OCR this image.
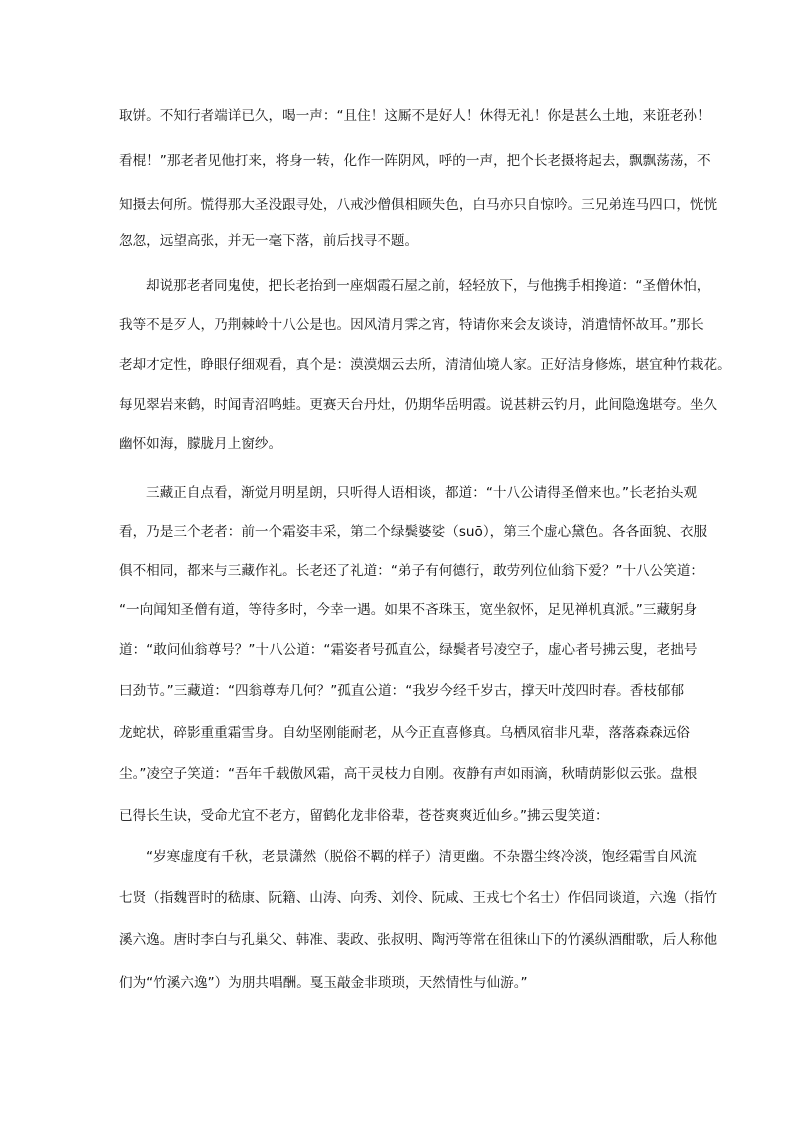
取饼。不知行者端详已久，喝一声：“且住！这厮不是好人！休得无礼！你是甚么土地，来诳老孙！
看棍！”那老者见他打来，将身一转，化作一阵阴风，呼的一声，把个长老摄将起去，飘飘荡荡，不
知摄去何所。慌得那大圣没跟寻处，八戒沙僧俱相顾失色，白马亦只自惊吟。三兄弟连马四口，恍恍
忽忽，远望高张，并无一毫下落，前后找寻不题。
却说那老者同鬼使，把长老抬到一座烟霞石屋之前，轻轻放下，与他携手相搀道：“圣僧休怕，
我等不是歹人，乃荆棘岭十八公是也。因风清月霁之宵，特请你来会友谈诗，消遣情怀故耳。”那长
老却才定性，睁眼仔细观看，真个是：漠漠烟云去所，清清仙境人家。正好洁身修炼，堪宜种竹栽花。
每见翠岩来鹤，时闻青沼鸣蛙。更赛天台丹灶，仍期华岳明霞。说甚耕云钓月，此间隐逸堪夸。坐久
幽怀如海，朦胧月上窗纱。
三藏正自点看，渐觉月明星朗，只听得人语相谈，都道：“十八公请得圣僧来也。”长老抬头观
看，乃是三个老者：前一个霜姿丰采，第二个绿鬓婆娑（suō），第三个虚心黛色。各各面貌、衣服
俱不相同，都来与三藏作礼。长老还了礼道：“弟子有何德行，敢劳列位仙翁下爱？”十八公笑道：
“一向闻知圣僧有道，等待多时，今幸一遇。如果不吝珠玉，宽坐叙怀，足见禅机真派。”三藏躬身
道：“敢问仙翁尊号？”十八公道：“霜姿者号孤直公，绿鬓者号凌空子，虚心者号拂云叟，老拙号
曰劲节。”三藏道：“四翁尊寿几何？”孤直公道：“我岁今经千岁古，撑天叶茂四时春。香枝郁郁
龙蛇状，碎影重重霜雪身。自幼坚刚能耐老，从今正直喜修真。乌栖凤宿非凡辈，落落森森远俗
尘。”凌空子笑道：“吾年千载傲风霜，高干灵枝力自刚。夜静有声如雨滴，秋晴荫影似云张。盘根
已得长生诀，受命尤宜不老方，留鹤化龙非俗辈，苍苍爽爽近仙乡。”拂云叟笑道：
“岁寒虚度有千秋，老景潇然（脱俗不羁的样子）清更幽。不杂嚣尘终冷淡，饱经霜雪自风流
七贤（指魏晋时的嵇康、阮籍、山涛、向秀、刘伶、阮咸、王戎七个名士）作侣同谈道，六逸（指竹
溪六逸。唐时李白与孔巢父、韩准、裴政、张叔明、陶沔等常在徂徕山下的竹溪纵酒酣歌，后人称他
们为“竹溪六逸”）为朋共唱酬。戛玉敲金非琐琐，天然情性与仙游。”
